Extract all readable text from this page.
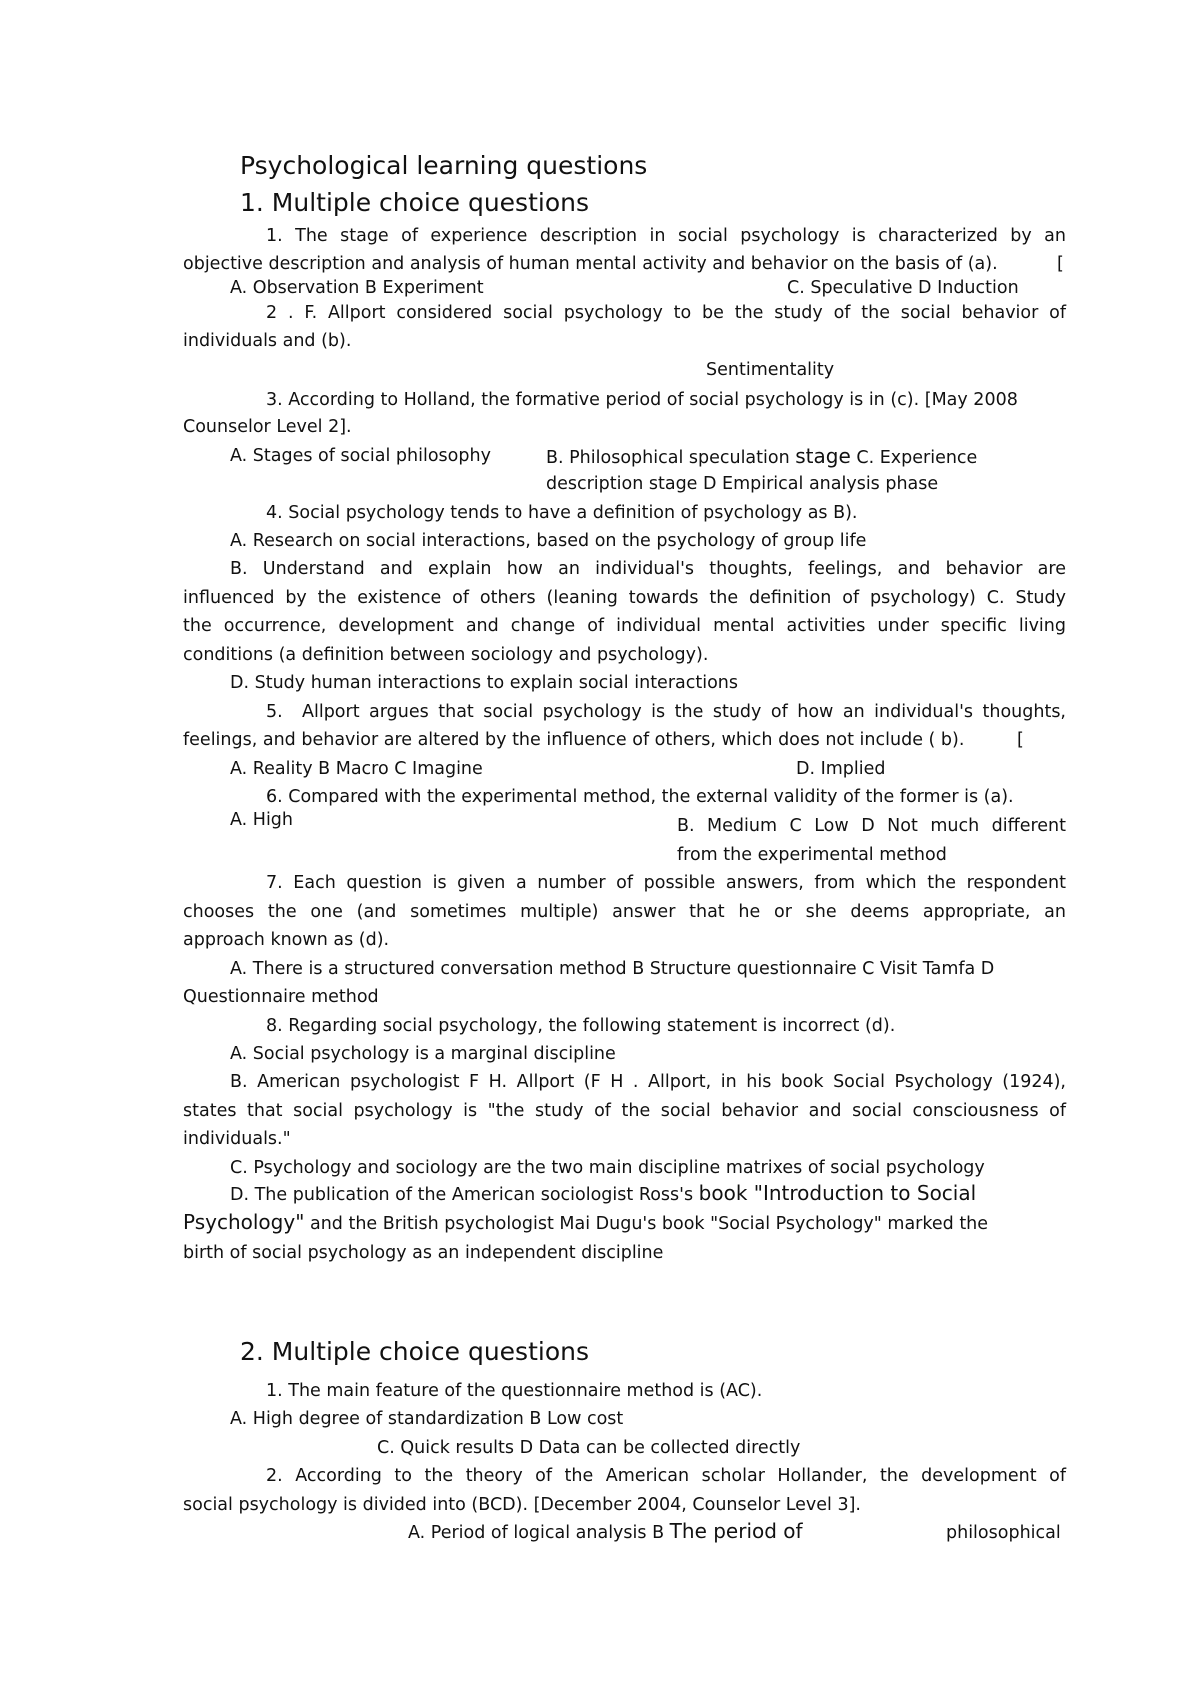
Psychological learning questions
1. Multiple choice questions
1. The stage of experience description in social psychology is characterized by an
objective description and analysis of human mental activity and behavior on the basis of (a).	[
A. Observation B Experiment	C. Speculative D Induction
2 . F. Allport considered social psychology to be the study of the social behavior of
individuals and (b).
Sentimentality
3. According to Holland, the formative period of social psychology is in (c). [May 2008
Counselor Level 2].
A. Stages of social philosophy	B. Philosophical speculation stage C. Experience
description stage D Empirical analysis phase
4. Social psychology tends to have a definition of psychology as B).
A. Research on social interactions, based on the psychology of group life
B. Understand and explain how an individual's thoughts, feelings, and behavior are
influenced by the existence of others (leaning towards the definition of psychology) C. Study
the occurrence, development and change of individual mental activities under specific living
conditions (a definition between sociology and psychology).
D. Study human interactions to explain social interactions
5. Allport argues that social psychology is the study of how an individual's thoughts,
feelings, and behavior are altered by the influence of others, which does not include ( b).	[
A. Reality B Macro C Imagine	D. Implied
6. Compared with the experimental method, the external validity of the former is (a).
A. High	B. Medium C Low D Not much different
from the experimental method
7. Each question is given a number of possible answers, from which the respondent
chooses the one (and sometimes multiple) answer that he or she deems appropriate, an
approach known as (d).
A. There is a structured conversation method B Structure questionnaire C Visit Tamfa D
Questionnaire method
8. Regarding social psychology, the following statement is incorrect (d).
A. Social psychology is a marginal discipline
B. American psychologist F H. Allport (F H . Allport, in his book Social Psychology (1924),
states that social psychology is "the study of the social behavior and social consciousness of
individuals."
C. Psychology and sociology are the two main discipline matrixes of social psychology
D. The publication of the American sociologist Ross's book "Introduction to Social
Psychology" and the British psychologist Mai Dugu's book "Social Psychology" marked the
birth of social psychology as an independent discipline
2. Multiple choice questions
1. The main feature of the questionnaire method is (AC).
A. High degree of standardization B Low cost
C. Quick results D Data can be collected directly
2. According to the theory of the American scholar Hollander, the development of
social psychology is divided into (BCD). [December 2004, Counselor Level 3].
A. Period of logical analysis B The period of	philosophical
